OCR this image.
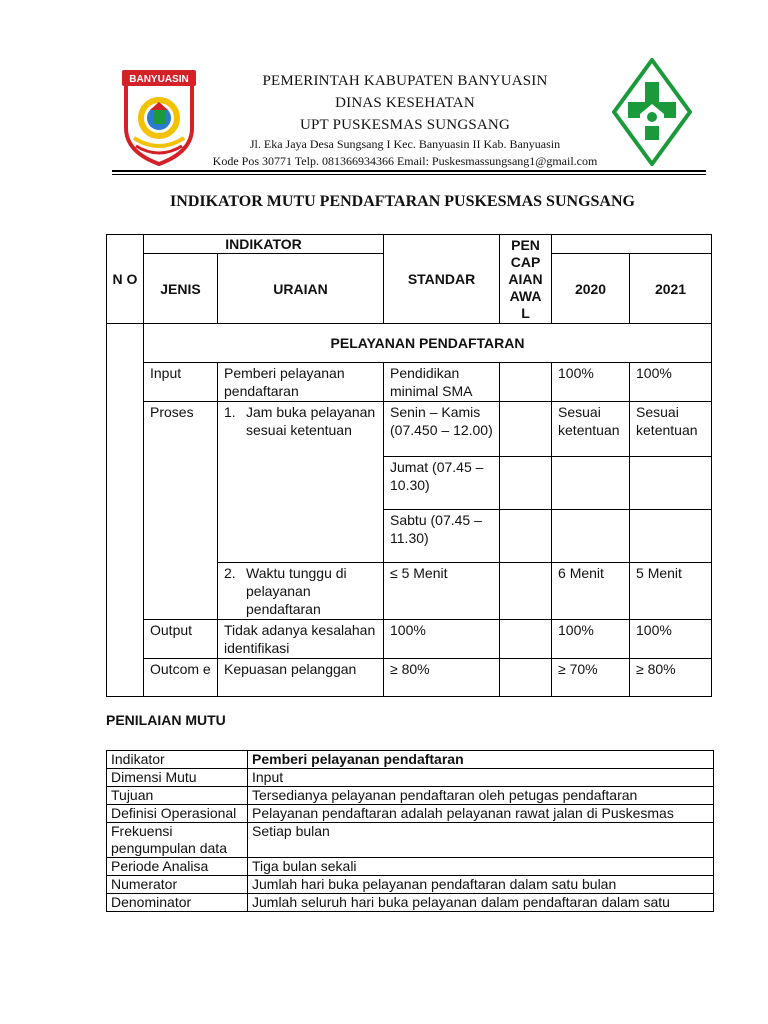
BANYUASIN	PEMERINTAH KABUPATEN BANYUASIN
DINAS KESEHATAN
UPT PUSKESMAS SUNGSANG
Jl. Eka Jaya Desa Sungsang I Kec. Banyuasin II Kab. Banyuasin
Kode Pos 30771 Telp. 081366934366 Email: Puskesmassungsang1@gmail.com
INDIKATOR MUTU PENDAFTARAN PUSKESMAS SUNGSANG
N O	INDIKATOR		STANDAR	PEN CAP AIAN AWA L		
	JENIS	URAIAN			2020	2021
	PELAYANAN PENDAFTARAN					
	Input	Pemberi pelayanan pendaftaran	Pendidikan minimal SMA		100%	100%
	Proses	1. Jam buka pelayanan sesuai ketentuan	Senin – Kamis (07.450 – 12.00)		Sesuai ketentuan	Sesuai ketentuan
			Jumat (07.45 – 10.30)			
			Sabtu (07.45 – 11.30)			

		2. Waktu tunggu di pelayanan pendaftaran	≤ 5 Menit		6 Menit	5 Menit
	Output	Tidak adanya kesalahan identifikasi	100%		100%	100%
	Outcom e	Kepuasan pelanggan	≥ 80%		≥ 70%	≥ 80%
PENILAIAN MUTU
Indikator	Pemberi pelayanan pendaftaran
Dimensi Mutu	Input
Tujuan	Tersedianya pelayanan pendaftaran oleh petugas pendaftaran
Definisi Operasional	Pelayanan pendaftaran adalah pelayanan rawat jalan di Puskesmas
Frekuensi pengumpulan data	Setiap bulan
Periode Analisa	Tiga bulan sekali
Numerator	Jumlah hari buka pelayanan pendaftaran dalam satu bulan
Denominator	Jumlah seluruh hari buka pelayanan dalam pendaftaran dalam satu
